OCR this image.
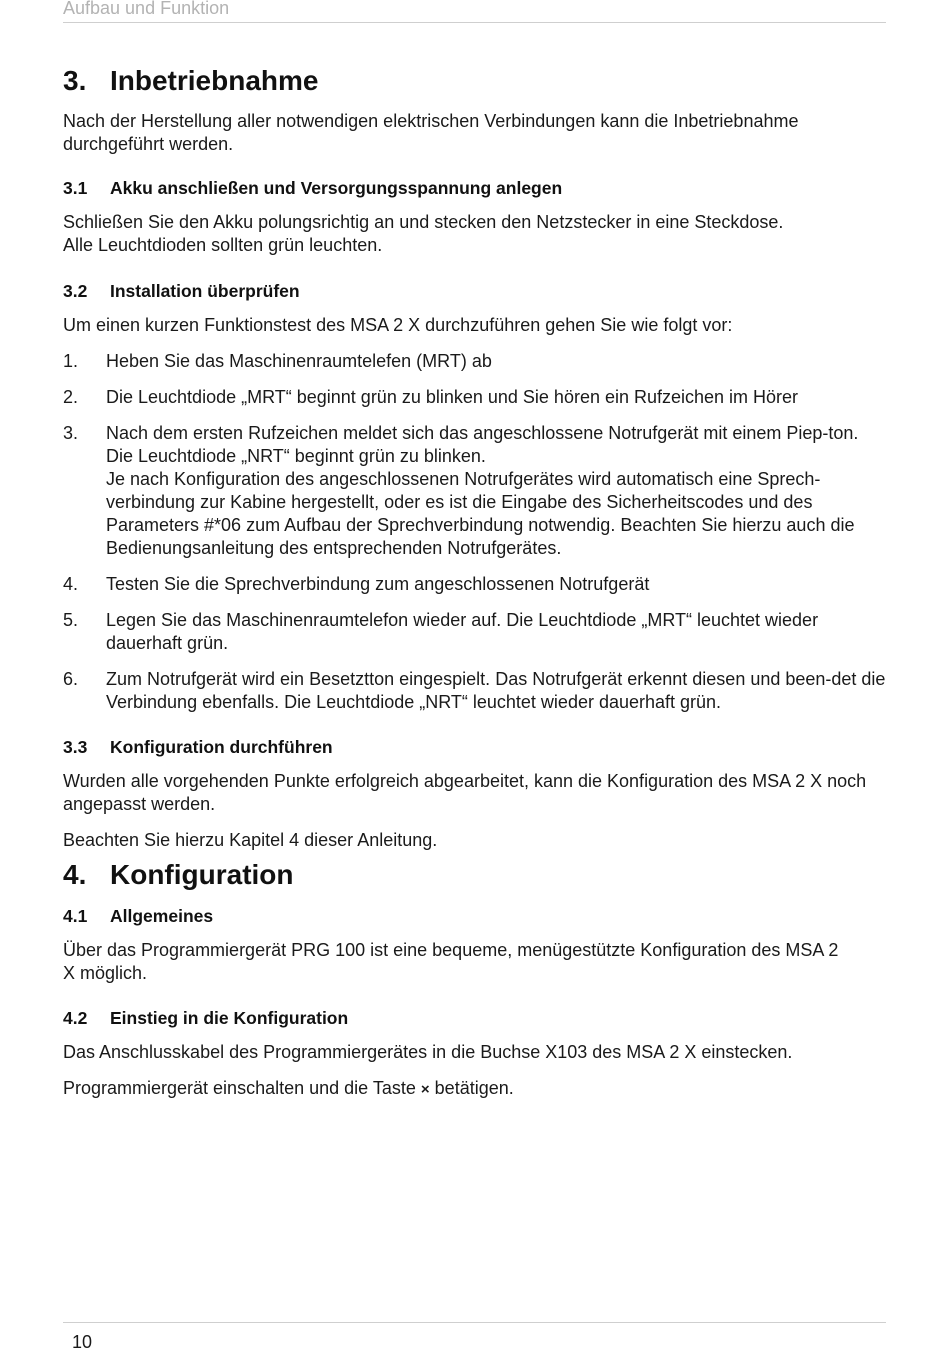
Aufbau und Funktion
3. Inbetriebnahme

Nach der Herstellung aller notwendigen elektrischen Verbindungen kann die Inbetriebnahme durchgeführt werden.

3.1	Akku anschließen und Versorgungsspannung anlegen

Schließen Sie den Akku polungsrichtig an und stecken den Netzstecker in eine Steckdose.

Alle Leuchtdioden sollten grün leuchten.

3.2	Installation überprüfen

Um einen kurzen Funktionstest des MSA 2 X durchzuführen gehen Sie wie folgt vor:

1.	Heben Sie das Maschinenraumtelefen (MRT) ab
2.	Die Leuchtdiode „MRT“ beginnt grün zu blinken und Sie hören ein Rufzeichen im Hörer
3.	Nach dem ersten Rufzeichen meldet sich das angeschlossene Notrufgerät mit einem Piep-ton. Die Leuchtdiode „NRT“ beginnt grün zu blinken.
Je nach Konfiguration des angeschlossenen Notrufgerätes wird automatisch eine Sprech-verbindung zur Kabine hergestellt, oder es ist die Eingabe des Sicherheitscodes und des Parameters #*06 zum Aufbau der Sprechverbindung notwendig. Beachten Sie hierzu auch die Bedienungsanleitung des entsprechenden Notrufgerätes.
4.	Testen Sie die Sprechverbindung zum angeschlossenen Notrufgerät
5.	Legen Sie das Maschinenraumtelefon wieder auf. Die Leuchtdiode „MRT“ leuchtet wieder dauerhaft grün.
6.	Zum Notrufgerät wird ein Besetztton eingespielt. Das Notrufgerät erkennt diesen und been-det die Verbindung ebenfalls. Die Leuchtdiode „NRT“ leuchtet wieder dauerhaft grün.
3.3	Konfiguration durchführen

Wurden alle vorgehenden Punkte erfolgreich abgearbeitet, kann die Konfiguration des MSA 2 X noch angepasst werden.

Beachten Sie hierzu Kapitel 4 dieser Anleitung.

4. Konfiguration
4.1	Allgemeines

Über das Programmiergerät PRG 100 ist eine bequeme, menügestützte Konfiguration des MSA 2 X möglich.

4.2	Einstieg in die Konfiguration

Das Anschlusskabel des Programmiergerätes in die Buchse X103 des MSA 2 X einstecken.

Programmiergerät einschalten und die Taste × betätigen.

10
